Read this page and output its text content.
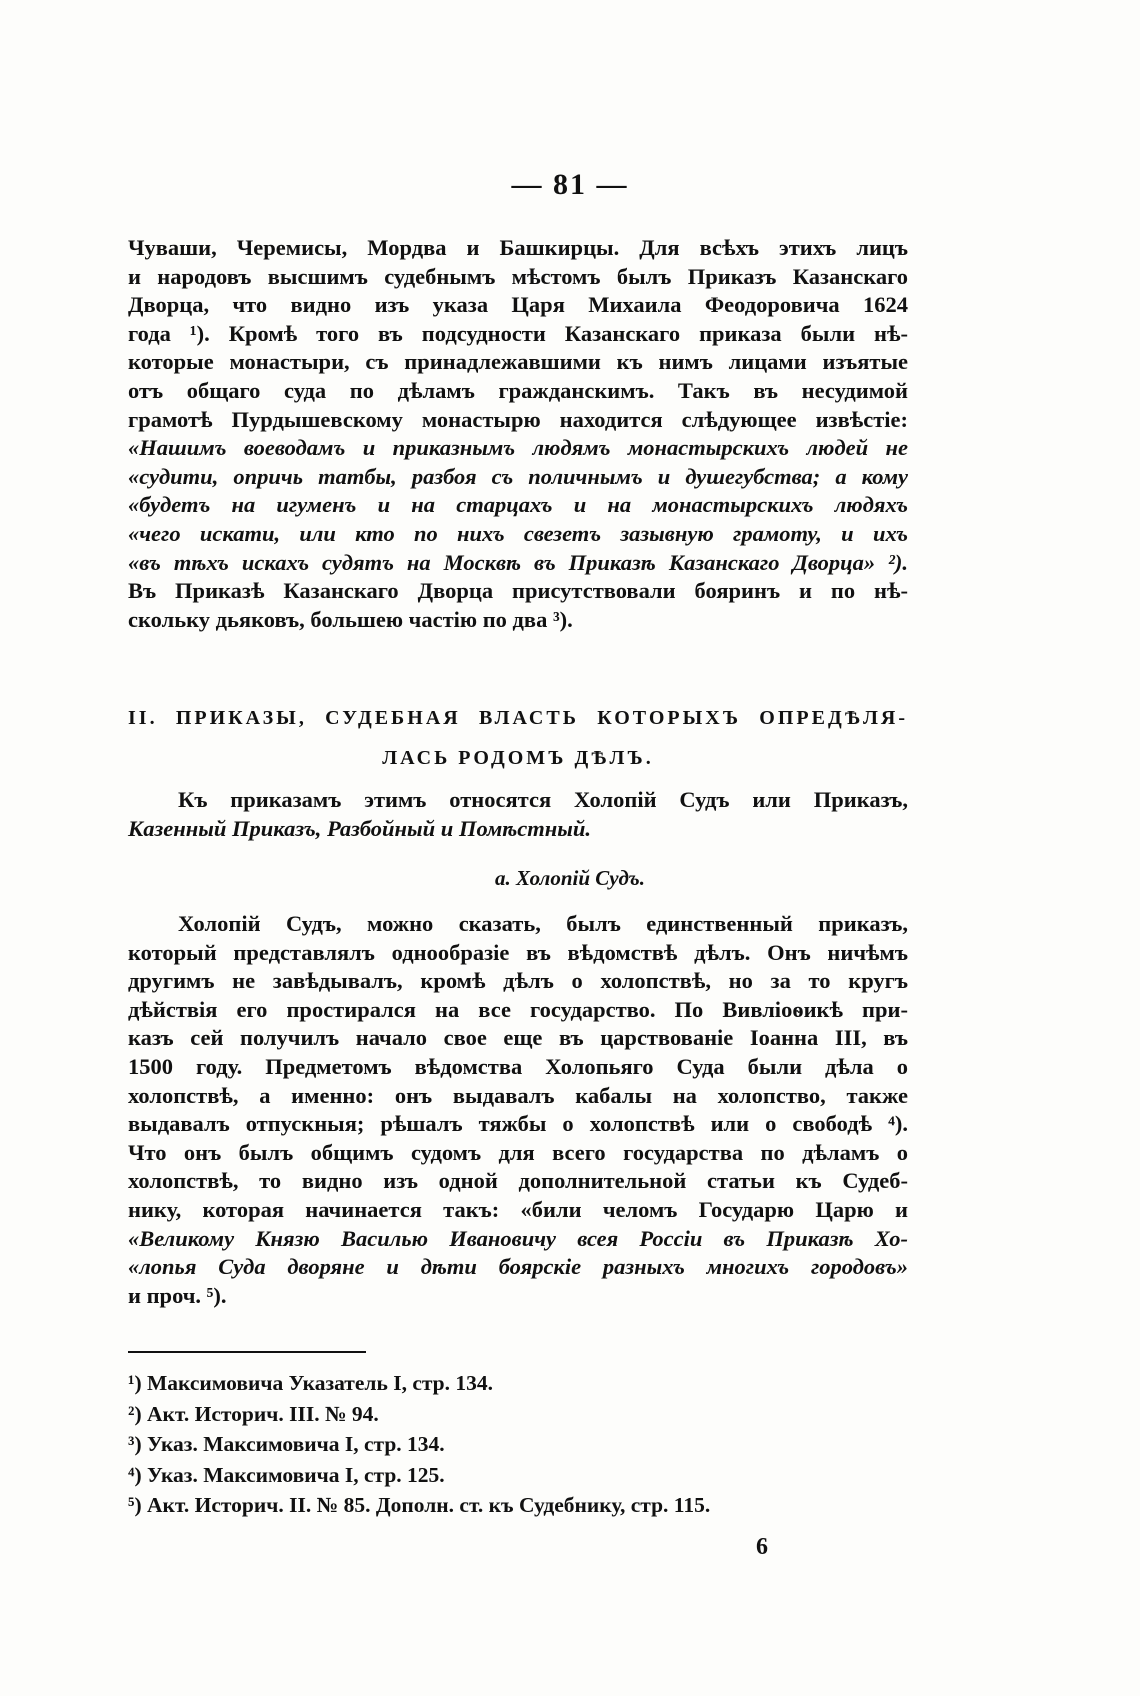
— 81 —
Чуваши, Черемисы, Мордва и Башкирцы. Для всѣхъ этихъ лицъ
и народовъ высшимъ судебнымъ мѣстомъ былъ Приказъ Казанскаго
Дворца, что видно изъ указа Царя Михаила Феодоровича 1624
года ¹). Кромѣ того въ подсудности Казанскаго приказа были нѣ-
которые монастыри, съ принадлежавшими къ нимъ лицами изъятые
отъ общаго суда по дѣламъ гражданскимъ. Такъ въ несудимой
грамотѣ Пурдышевскому монастырю находится слѣдующее извѣстіе:
«Нашимъ воеводамъ и приказнымъ людямъ монастырскихъ людей не
«судити, опричь татбы, разбоя съ поличнымъ и душегубства; а кому
«будетъ на игуменъ и на старцахъ и на монастырскихъ людяхъ
«чего искати, или кто по нихъ свезетъ зазывную грамоту, и ихъ
«въ тѣхъ искахъ судятъ на Москвѣ въ Приказѣ Казанскаго Дворца» ²).
Въ Приказѣ Казанскаго Дворца присутствовали бояринъ и по нѣ-
скольку дьяковъ, большею частію по два ³).
II. ПРИКАЗЫ, СУДЕБНАЯ ВЛАСТЬ КОТОРЫХЪ ОПРЕДѢЛЯ-
ЛАСЬ РОДОМЪ ДѢЛЪ.
Къ приказамъ этимъ относятся Холопій Судъ или Приказъ,
Казенный Приказъ, Разбойный и Помѣстный.
а. Холопій Судъ.
Холопій Судъ, можно сказать, былъ единственный приказъ,
который представлялъ однообразіе въ вѣдомствѣ дѣлъ. Онъ ничѣмъ
другимъ не завѣдывалъ, кромѣ дѣлъ о холопствѣ, но за то кругъ
дѣйствія его простирался на все государство. По Вивліоѳикѣ при-
казъ сей получилъ начало свое еще въ царствованіе Іоанна III, въ
1500 году. Предметомъ вѣдомства Холопьяго Суда были дѣла о
холопствѣ, а именно: онъ выдавалъ кабалы на холопство, также
выдавалъ отпускныя; рѣшалъ тяжбы о холопствѣ или о свободѣ ⁴).
Что онъ былъ общимъ судомъ для всего государства по дѣламъ о
холопствѣ, то видно изъ одной дополнительной статьи къ Судеб-
нику, которая начинается такъ: «били челомъ Государю Царю и
«Великому Князю Василью Ивановичу всея Россіи въ Приказѣ Хо-
«лопья Суда дворяне и дѣти боярскіе разныхъ многихъ городовъ»
и проч. ⁵).
¹) Максимовича Указатель I, стр. 134.
²) Акт. Историч. III. № 94.
³) Указ. Максимовича I, стр. 134.
⁴) Указ. Максимовича I, стр. 125.
⁵) Акт. Историч. II. № 85. Дополн. ст. къ Судебнику, стр. 115.
6
